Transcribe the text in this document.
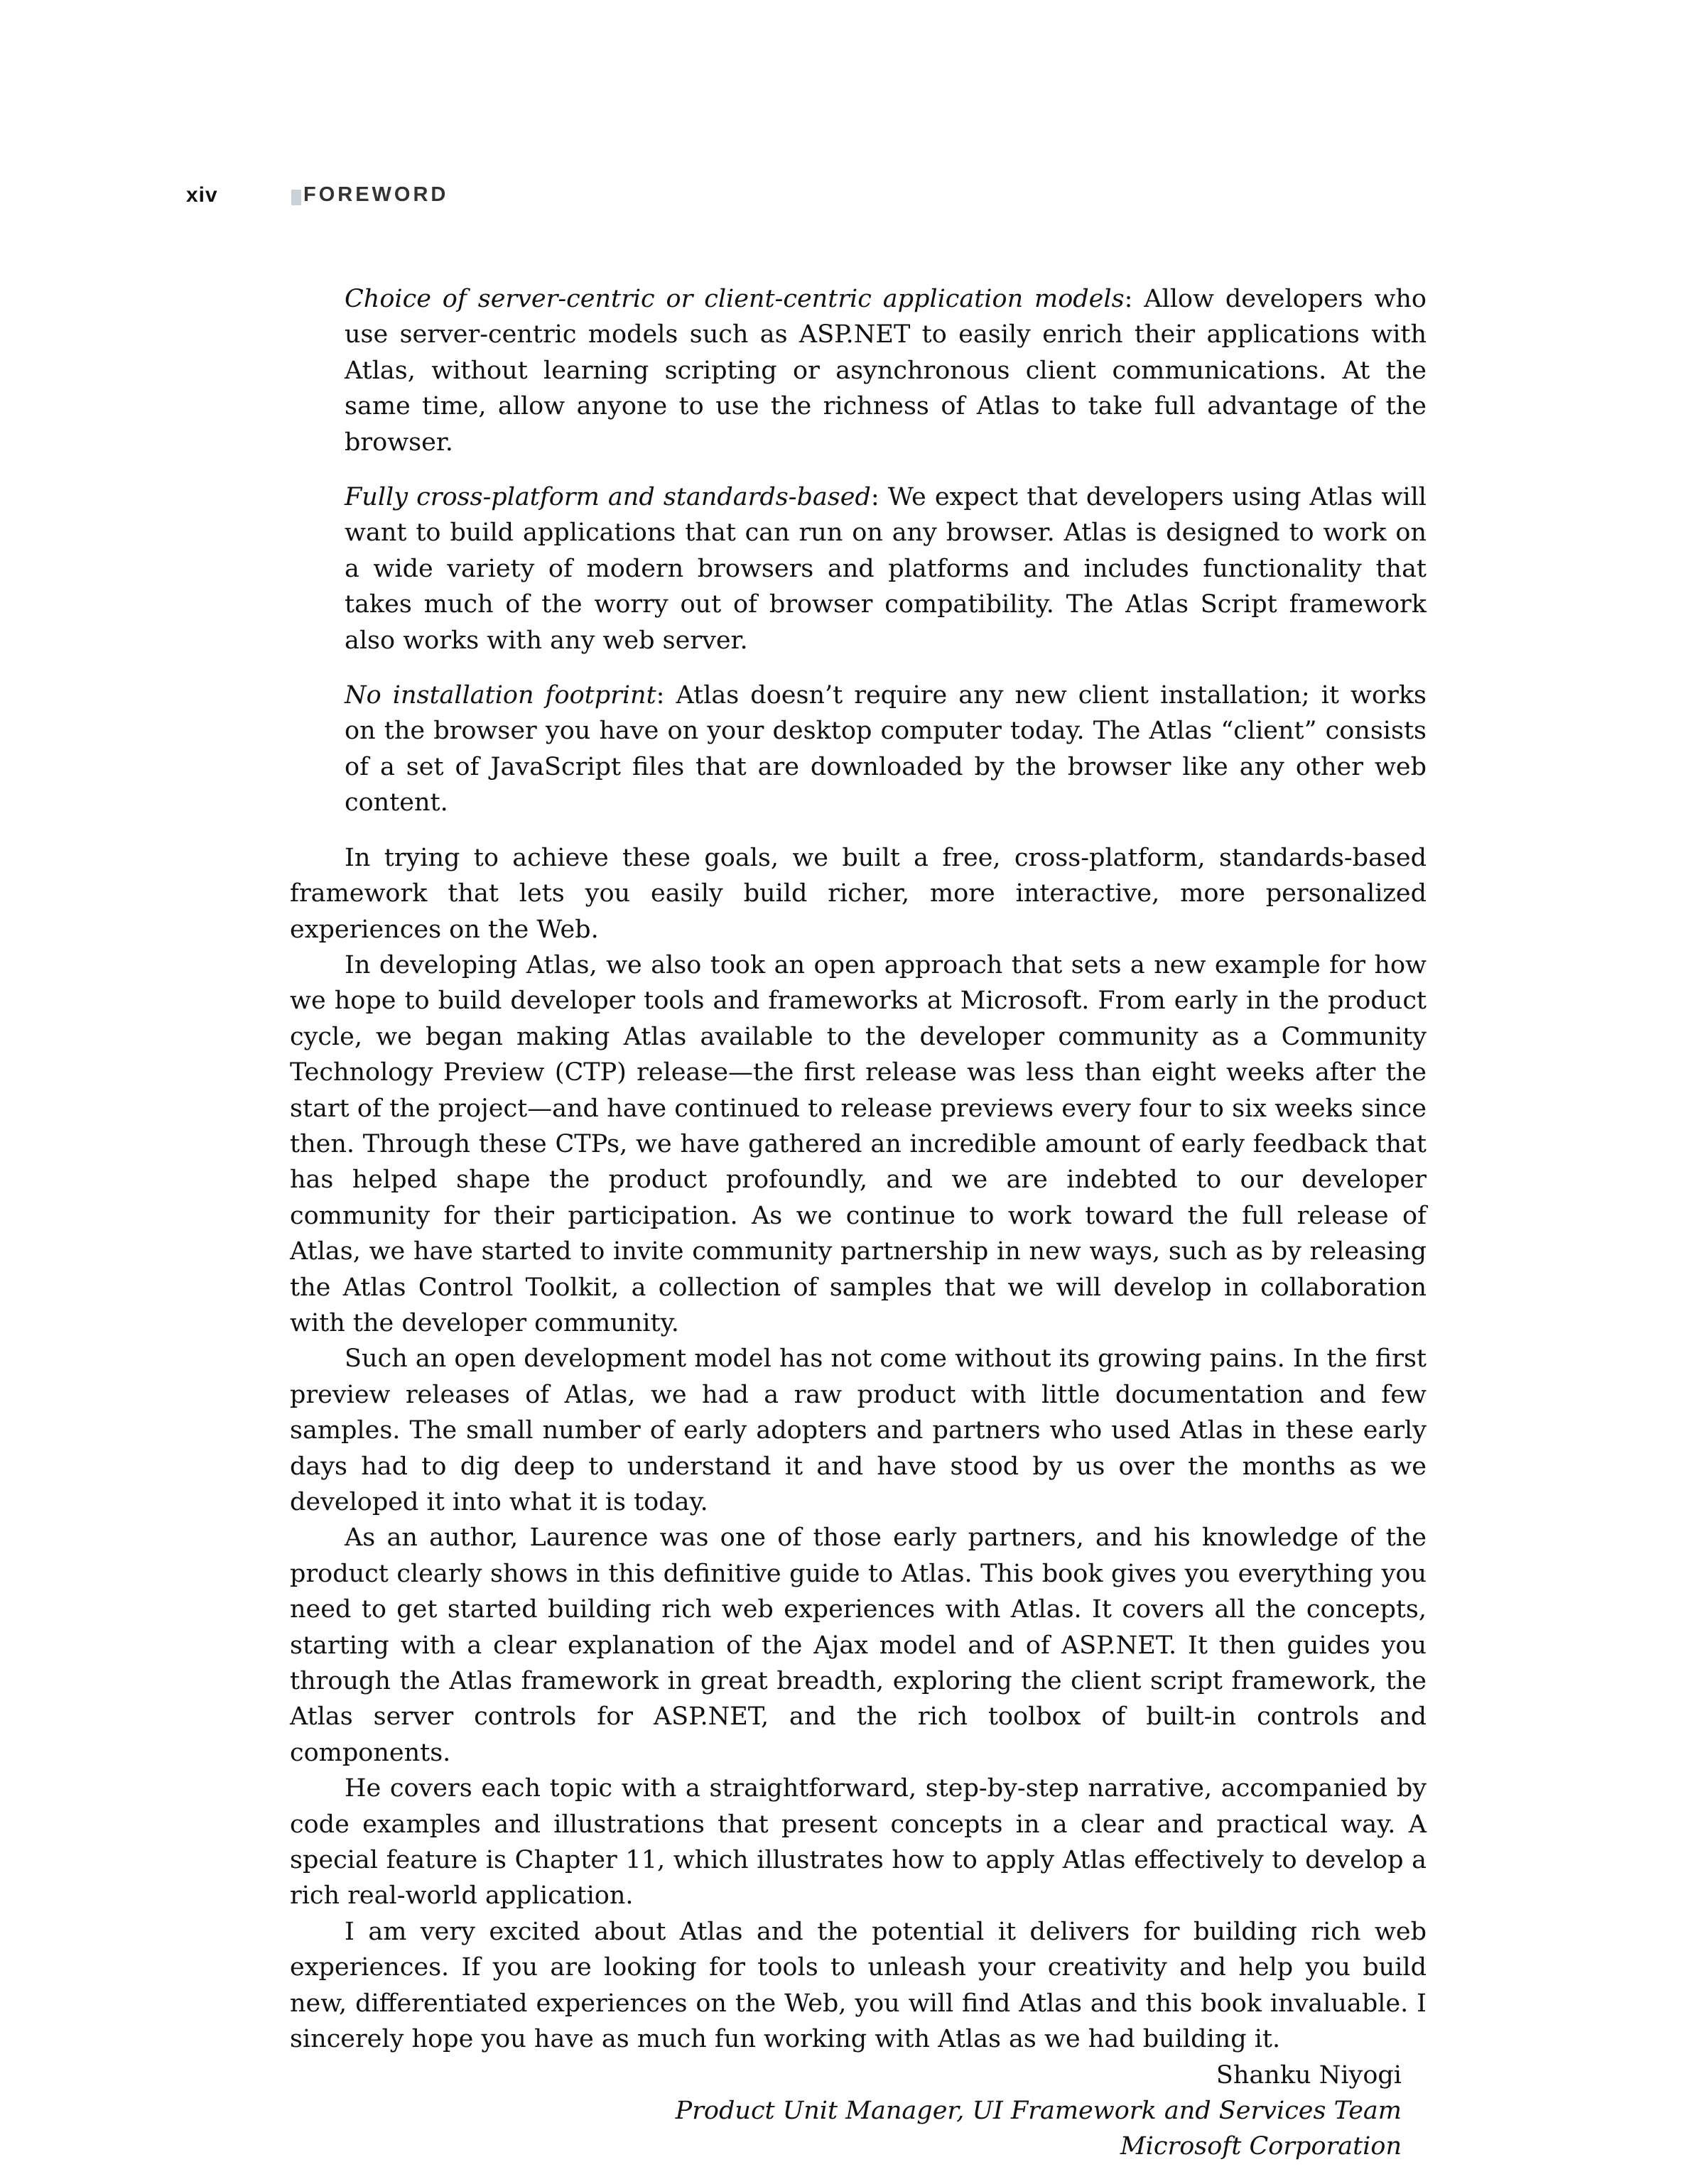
xiv	FOREWORD

Choice of server-centric or client-centric application models: Allow developers who use server-centric models such as ASP.NET to easily enrich their applications with Atlas, without learning scripting or asynchronous client communications. At the same time, allow anyone to use the richness of Atlas to take full advantage of the browser.

Fully cross-platform and standards-based: We expect that developers using Atlas will want to build applications that can run on any browser. Atlas is designed to work on a wide variety of modern browsers and platforms and includes functionality that takes much of the worry out of browser compatibility. The Atlas Script framework also works with any web server.

No installation footprint: Atlas doesn’t require any new client installation; it works on the browser you have on your desktop computer today. The Atlas “client” consists of a set of JavaScript files that are downloaded by the browser like any other web content.

In trying to achieve these goals, we built a free, cross-platform, standards-based framework that lets you easily build richer, more interactive, more personalized experiences on the Web.

In developing Atlas, we also took an open approach that sets a new example for how we hope to build developer tools and frameworks at Microsoft. From early in the product cycle, we began making Atlas available to the developer community as a Community Technology Preview (CTP) release—the first release was less than eight weeks after the start of the project—and have continued to release previews every four to six weeks since then. Through these CTPs, we have gathered an incredible amount of early feedback that has helped shape the product profoundly, and we are indebted to our developer community for their participation. As we continue to work toward the full release of Atlas, we have started to invite community partnership in new ways, such as by releasing the Atlas Control Toolkit, a collection of samples that we will develop in collaboration with the developer community.

Such an open development model has not come without its growing pains. In the first preview releases of Atlas, we had a raw product with little documentation and few samples. The small number of early adopters and partners who used Atlas in these early days had to dig deep to understand it and have stood by us over the months as we developed it into what it is today.

As an author, Laurence was one of those early partners, and his knowledge of the product clearly shows in this definitive guide to Atlas. This book gives you everything you need to get started building rich web experiences with Atlas. It covers all the concepts, starting with a clear explanation of the Ajax model and of ASP.NET. It then guides you through the Atlas framework in great breadth, exploring the client script framework, the Atlas server controls for ASP.NET, and the rich toolbox of built-in controls and components.

He covers each topic with a straightforward, step-by-step narrative, accompanied by code examples and illustrations that present concepts in a clear and practical way. A special feature is Chapter 11, which illustrates how to apply Atlas effectively to develop a rich real-world application.

I am very excited about Atlas and the potential it delivers for building rich web experiences. If you are looking for tools to unleash your creativity and help you build new, differentiated experiences on the Web, you will find Atlas and this book invaluable. I sincerely hope you have as much fun working with Atlas as we had building it.

Shanku Niyogi
Product Unit Manager, UI Framework and Services Team
Microsoft Corporation
